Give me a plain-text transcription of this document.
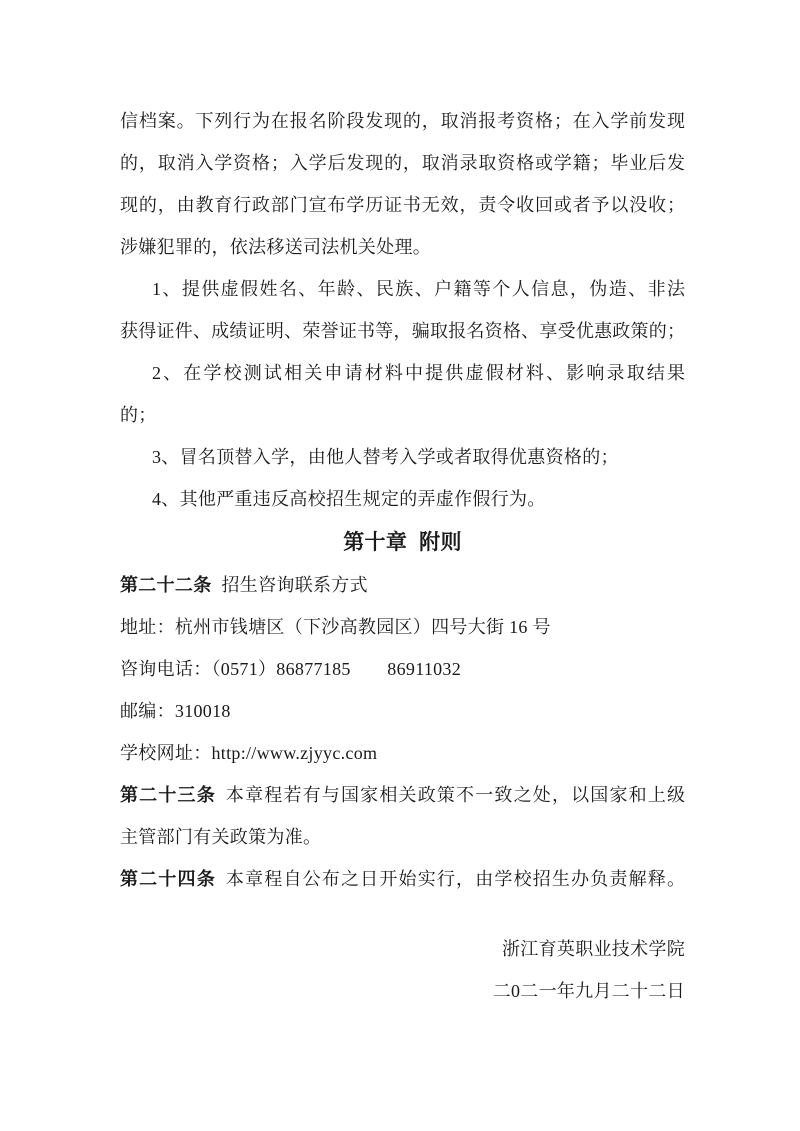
信档案。下列行为在报名阶段发现的，取消报考资格；在入学前发现
的，取消入学资格；入学后发现的，取消录取资格或学籍；毕业后发
现的，由教育行政部门宣布学历证书无效，责令收回或者予以没收；
涉嫌犯罪的，依法移送司法机关处理。
1、提供虚假姓名、年龄、民族、户籍等个人信息，伪造、非法
获得证件、成绩证明、荣誉证书等，骗取报名资格、享受优惠政策的；
2、在学校测试相关申请材料中提供虚假材料、影响录取结果
的；
3、冒名顶替入学，由他人替考入学或者取得优惠资格的；
4、其他严重违反高校招生规定的弄虚作假行为。
第十章 附则
第二十二条 招生咨询联系方式
地址：杭州市钱塘区（下沙高教园区）四号大街 16 号
咨询电话：（0571）86877185　　86911032
邮编：310018
学校网址：http://www.zjyyc.com
第二十三条 本章程若有与国家相关政策不一致之处，以国家和上级
主管部门有关政策为准。
第二十四条 本章程自公布之日开始实行，由学校招生办负责解释。
浙江育英职业技术学院
二0二一年九月二十二日
